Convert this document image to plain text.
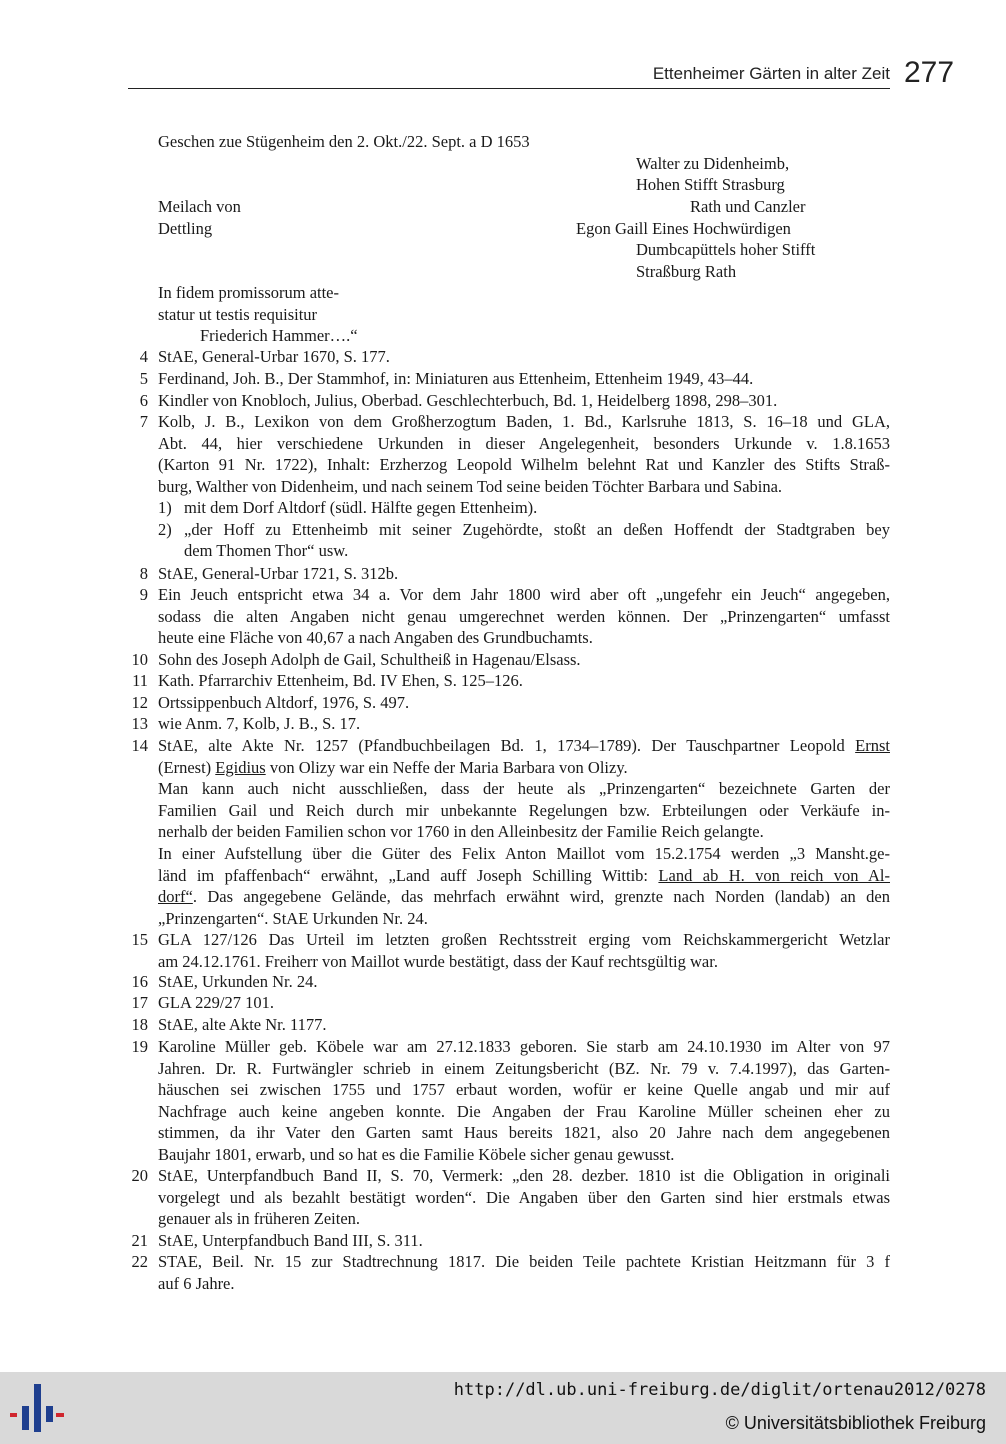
Ettenheimer Gärten in alter Zeit 277
Geschen zue Stügenheim den 2. Okt./22. Sept. a D 1653
Walter zu Didenheimb,
Hohen Stifft Strasburg
Rath und Canzler
Meilach von
Dettling	Egon Gaill Eines Hochwürdigen
Dumbcapüttels hoher Stifft
Straßburg Rath
In fidem promissorum atte-
statur ut testis requisitur
Friederich Hammer….“
4 StAE, General-Urbar 1670, S. 177.
5 Ferdinand, Joh. B., Der Stammhof, in: Miniaturen aus Ettenheim, Ettenheim 1949, 43–44.
6 Kindler von Knobloch, Julius, Oberbad. Geschlechterbuch, Bd. 1, Heidelberg 1898, 298–301.
7 Kolb, J. B., Lexikon von dem Großherzogtum Baden, 1. Bd., Karlsruhe 1813, S. 16–18 und GLA,
Abt. 44, hier verschiedene Urkunden in dieser Angelegenheit, besonders Urkunde v. 1.8.1653
(Karton 91 Nr. 1722), Inhalt: Erzherzog Leopold Wilhelm belehnt Rat und Kanzler des Stifts Straß-
burg, Walther von Didenheim, und nach seinem Tod seine beiden Töchter Barbara und Sabina.
8 StAE, General-Urbar 1721, S. 312b.
9 Ein Jeuch entspricht etwa 34 a. Vor dem Jahr 1800 wird aber oft „ungefehr ein Jeuch“ angegeben,
sodass die alten Angaben nicht genau umgerechnet werden können. Der „Prinzengarten“ umfasst
heute eine Fläche von 40,67 a nach Angaben des Grundbuchamts.
10 Sohn des Joseph Adolph de Gail, Schultheiß in Hagenau/Elsass.
11 Kath. Pfarrarchiv Ettenheim, Bd. IV Ehen, S. 125–126.
12 Ortssippenbuch Altdorf, 1976, S. 497.
13 wie Anm. 7, Kolb, J. B., S. 17.
15 GLA 127/126 Das Urteil im letzten großen Rechtsstreit erging vom Reichskammergericht Wetzlar
am 24.12.1761. Freiherr von Maillot wurde bestätigt, dass der Kauf rechtsgültig war.
16 StAE, Urkunden Nr. 24.
17 GLA 229/27 101.
18 StAE, alte Akte Nr. 1177.
19 Karoline Müller geb. Köbele war am 27.12.1833 geboren. Sie starb am 24.10.1930 im Alter von 97
Jahren. Dr. R. Furtwängler schrieb in einem Zeitungsbericht (BZ. Nr. 79 v. 7.4.1997), das Garten-
häuschen sei zwischen 1755 und 1757 erbaut worden, wofür er keine Quelle angab und mir auf
Nachfrage auch keine angeben konnte. Die Angaben der Frau Karoline Müller scheinen eher zu
stimmen, da ihr Vater den Garten samt Haus bereits 1821, also 20 Jahre nach dem angegebenen
Baujahr 1801, erwarb, und so hat es die Familie Köbele sicher genau gewusst.
20 StAE, Unterpfandbuch Band II, S. 70, Vermerk: „den 28. dezber. 1810 ist die Obligation in originali
vorgelegt und als bezahlt bestätigt worden“. Die Angaben über den Garten sind hier erstmals etwas
genauer als in früheren Zeiten.
21 StAE, Unterpfandbuch Band III, S. 311.
22 STAE, Beil. Nr. 15 zur Stadtrechnung 1817. Die beiden Teile pachtete Kristian Heitzmann für 3 f
auf 6 Jahre.
1) mit dem Dorf Altdorf (südl. Hälfte gegen Ettenheim).
2) „der Hoff zu Ettenheimb mit seiner Zugehördte, stoßt an deßen Hoffendt der Stadtgraben bey
dem Thomen Thor“ usw.
14 StAE, alte Akte Nr. 1257 (Pfandbuchbeilagen Bd. 1, 1734–1789). Der Tauschpartner Leopold Ernst
(Ernest) Egidius von Olizy war ein Neffe der Maria Barbara von Olizy.
Man kann auch nicht ausschließen, dass der heute als „Prinzengarten“ bezeichnete Garten der
Familien Gail und Reich durch mir unbekannte Regelungen bzw. Erbteilungen oder Verkäufe in-
nerhalb der beiden Familien schon vor 1760 in den Alleinbesitz der Familie Reich gelangte.
In einer Aufstellung über die Güter des Felix Anton Maillot vom 15.2.1754 werden „3 Mansht.ge-
länd im pfaffenbach“ erwähnt, „Land auff Joseph Schilling Wittib: Land ab H. von reich von Al-
dorf“. Das angegebene Gelände, das mehrfach erwähnt wird, grenzte nach Norden (landab) an den
„Prinzengarten“. StAE Urkunden Nr. 24.
http://dl.ub.uni-freiburg.de/diglit/ortenau2012/0278
© Universitätsbibliothek Freiburg
